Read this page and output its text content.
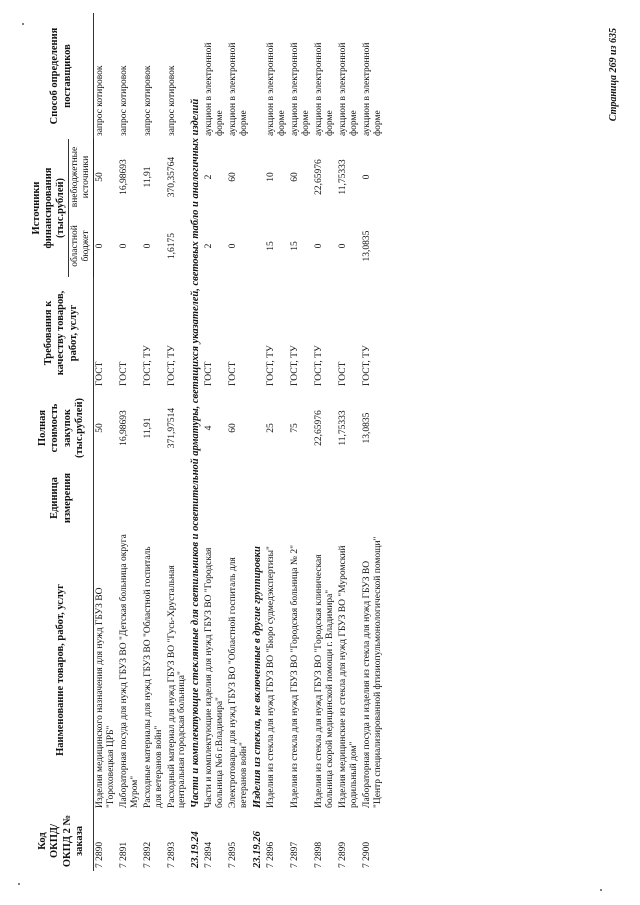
Код ОКПД/ ОКПД 2 № заказа	Наименование товаров, работ, услуг	Единица измерения	Полная стоимость закупок (тыс.рублей)	Требования к качеству товаров, работ, услуг	Источники финансирования (тыс.рублей)		Способ определения поставщиков
					областной бюджет	внебюджетные источники	
7 2890	Изделия медицинского назначения для нужд ГБУЗ ВО "Гороховецкая ЦРБ"		50	ГОСТ	0	50	запрос котировок
7 2891	Лабораторная посуда для нужд ГБУЗ ВО "Детская больница округа Муром"		16,98693	ГОСТ	0	16,98693	запрос котировок
7 2892	Расходные материалы для нужд ГБУЗ ВО "Областной госпиталь для ветеранов войн"		11,91	ГОСТ, ТУ	0	11,91	запрос котировок
7 2893	Расходный материал для нужд ГБУЗ ВО "Гусь-Хрустальная центральная городская больница"		371,97514	ГОСТ, ТУ	1,6175	370,35764	запрос котировок
23.19.24	Части и комплектующие стеклянные для светильников и осветительной арматуры, светящихся указателей, световых табло и аналогичных изделий						
7 2894	Части и комплектующие изделия для нужд ГБУЗ ВО "Городская больница №6 г.Владимира"		4	ГОСТ	2	2	аукцион в электронной форме
7 2895	Электротовары для нужд ГБУЗ ВО "Областной госпиталь для ветеранов войн"		60	ГОСТ	0	60	аукцион в электронной форме
23.19.26	Изделия из стекла, не включенные в другие группировки						
7 2896	Изделия из стекла для нужд ГБУЗ ВО "Бюро судмедэкспертизы"		25	ГОСТ, ТУ	15	10	аукцион в электронной форме
7 2897	Изделия из стекла для нужд ГБУЗ ВО "Городская больница № 2"		75	ГОСТ, ТУ	15	60	аукцион в электронной форме
7 2898	Изделия из стекла для нужд ГБУЗ ВО "Городская клиническая больница скорой медицинской помощи г. Владимира"		22,65976	ГОСТ, ТУ	0	22,65976	аукцион в электронной форме
7 2899	Изделия медицинские из стекла для нужд ГБУЗ ВО "Муромский родильный дом"		11,75333	ГОСТ	0	11,75333	аукцион в электронной форме
7 2900	Лабораторная посуда и изделия из стекла для нужд ГБУЗ ВО "Центр специализированной фтизиопульмонологической помощи"		13,0835	ГОСТ, ТУ	13,0835	0	аукцион в электронной форме
Страница 269 из 635
